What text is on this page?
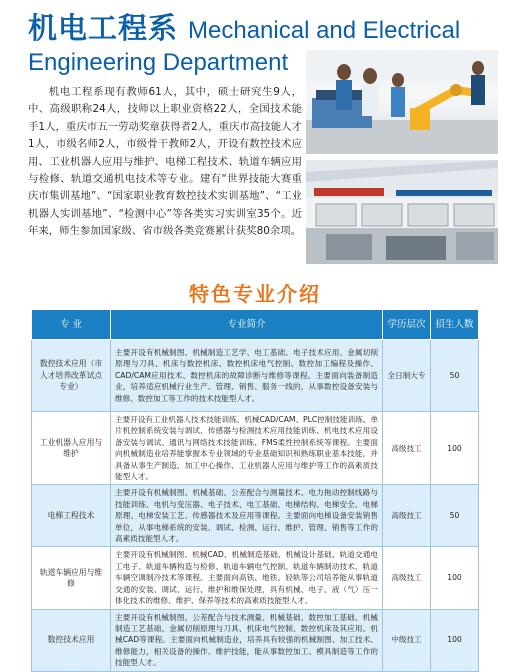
机电工程系 Mechanical and Electrical
Engineering Department

机电工程系现有教师61人，其中，硕士研究生9人，中、高级职称24人，技师以上职业资格22人，全国技术能手1人，重庆市五一劳动奖章获得者2人，重庆市高技能人才1人，市级名师2人，市级骨干教师2人，开设有数控技术应用、工业机器人应用与维护、电梯工程技术、轨道车辆应用与检修、轨道交通机电技术等专业。建有“世界技能大赛重庆市集训基地”、“国家职业教育数控技术实训基地”、“工业机器人实训基地”、“检测中心”等各类实习实训室35个。近年来，师生参加国家级、省市级各类竞赛累计获奖80余项。

特色专业介绍
专 业	专业简介	学历层次	招生人数
数控技术应用（市人才培养改革试点专业）	主要开设有机械制图、机械制造工艺学、电工基础、电子技术应用、金属切削原理与刀具、机床与数控机床、数控机床电气控制、数控加工编程及操作、CAD/CAM应用技术、数控机床的故障诊断与维修等课程。主要面向装备制造业，培养适应机械行业生产、管理、销售、服务一线的，从事数控设备安装与维修、数控加工等工作的技术技能型人才。	全日制大专	50
工业机器人应用与维护	主要开设有工业机器人技术技能训练、机械CAD/CAM、PLC控制技能训练、单片机控制系统安装与调试、传感器与检测技术应用技能训练、机电技术应用设备安装与调试、通讯与网络技术技能训练、FMS柔性控制系统等课程。主要面向机械制造业培养能掌握本专业领域的专业基础知识和熟练职业基本技能，并具备从事生产制造、加工中心操作、工业机器人应用与维护等工作的高素质技能型人才。	高级技工	100
电梯工程技术	主要开设有机械制图、机械基础、公差配合与测量技术、电力拖动控制线路与技能训练、电机与变压器、电子技术、电工基础、电梯结构、电梯安全、电梯原理、电梯安装工艺、传感器技术及应用等课程。主要面向电梯设备安装销售单位，从事电梯系统的安装、调试、检测、运行、维护、管理、销售等工作的高素质技能型人才。	高级技工	50
轨道车辆应用与维修	主要开设有机械制图、机械CAD、机械制造基础、机械设计基础、轨道交通电工电子、轨道车辆构造与检修、轨道车辆电气控制、轨道车辆制动技术、轨道车辆空调制冷技术等课程。主要面向高铁、地铁、轻轨等公司培养能从事轨道交通的安装、调试、运行、维护和维保处理，具有机械、电子、液（气）压一体化技术的维修、维护、保养等技术的高素质技能型人才。	高级技工	100
数控技术应用	主要开设有机械制图、公差配合与技术测量、机械基础、数控加工基础、机械制造工艺基础、金属切削原理与刀具、机床电气控制、数控机床及其应用、机械CAD等课程。主要面向机械制造业，培养具有较强的机械制图、加工技术、维修能力，相关设备的操作、维护技能，能从事数控加工、模具制造等工作的技能型人才。	中级技工	100
